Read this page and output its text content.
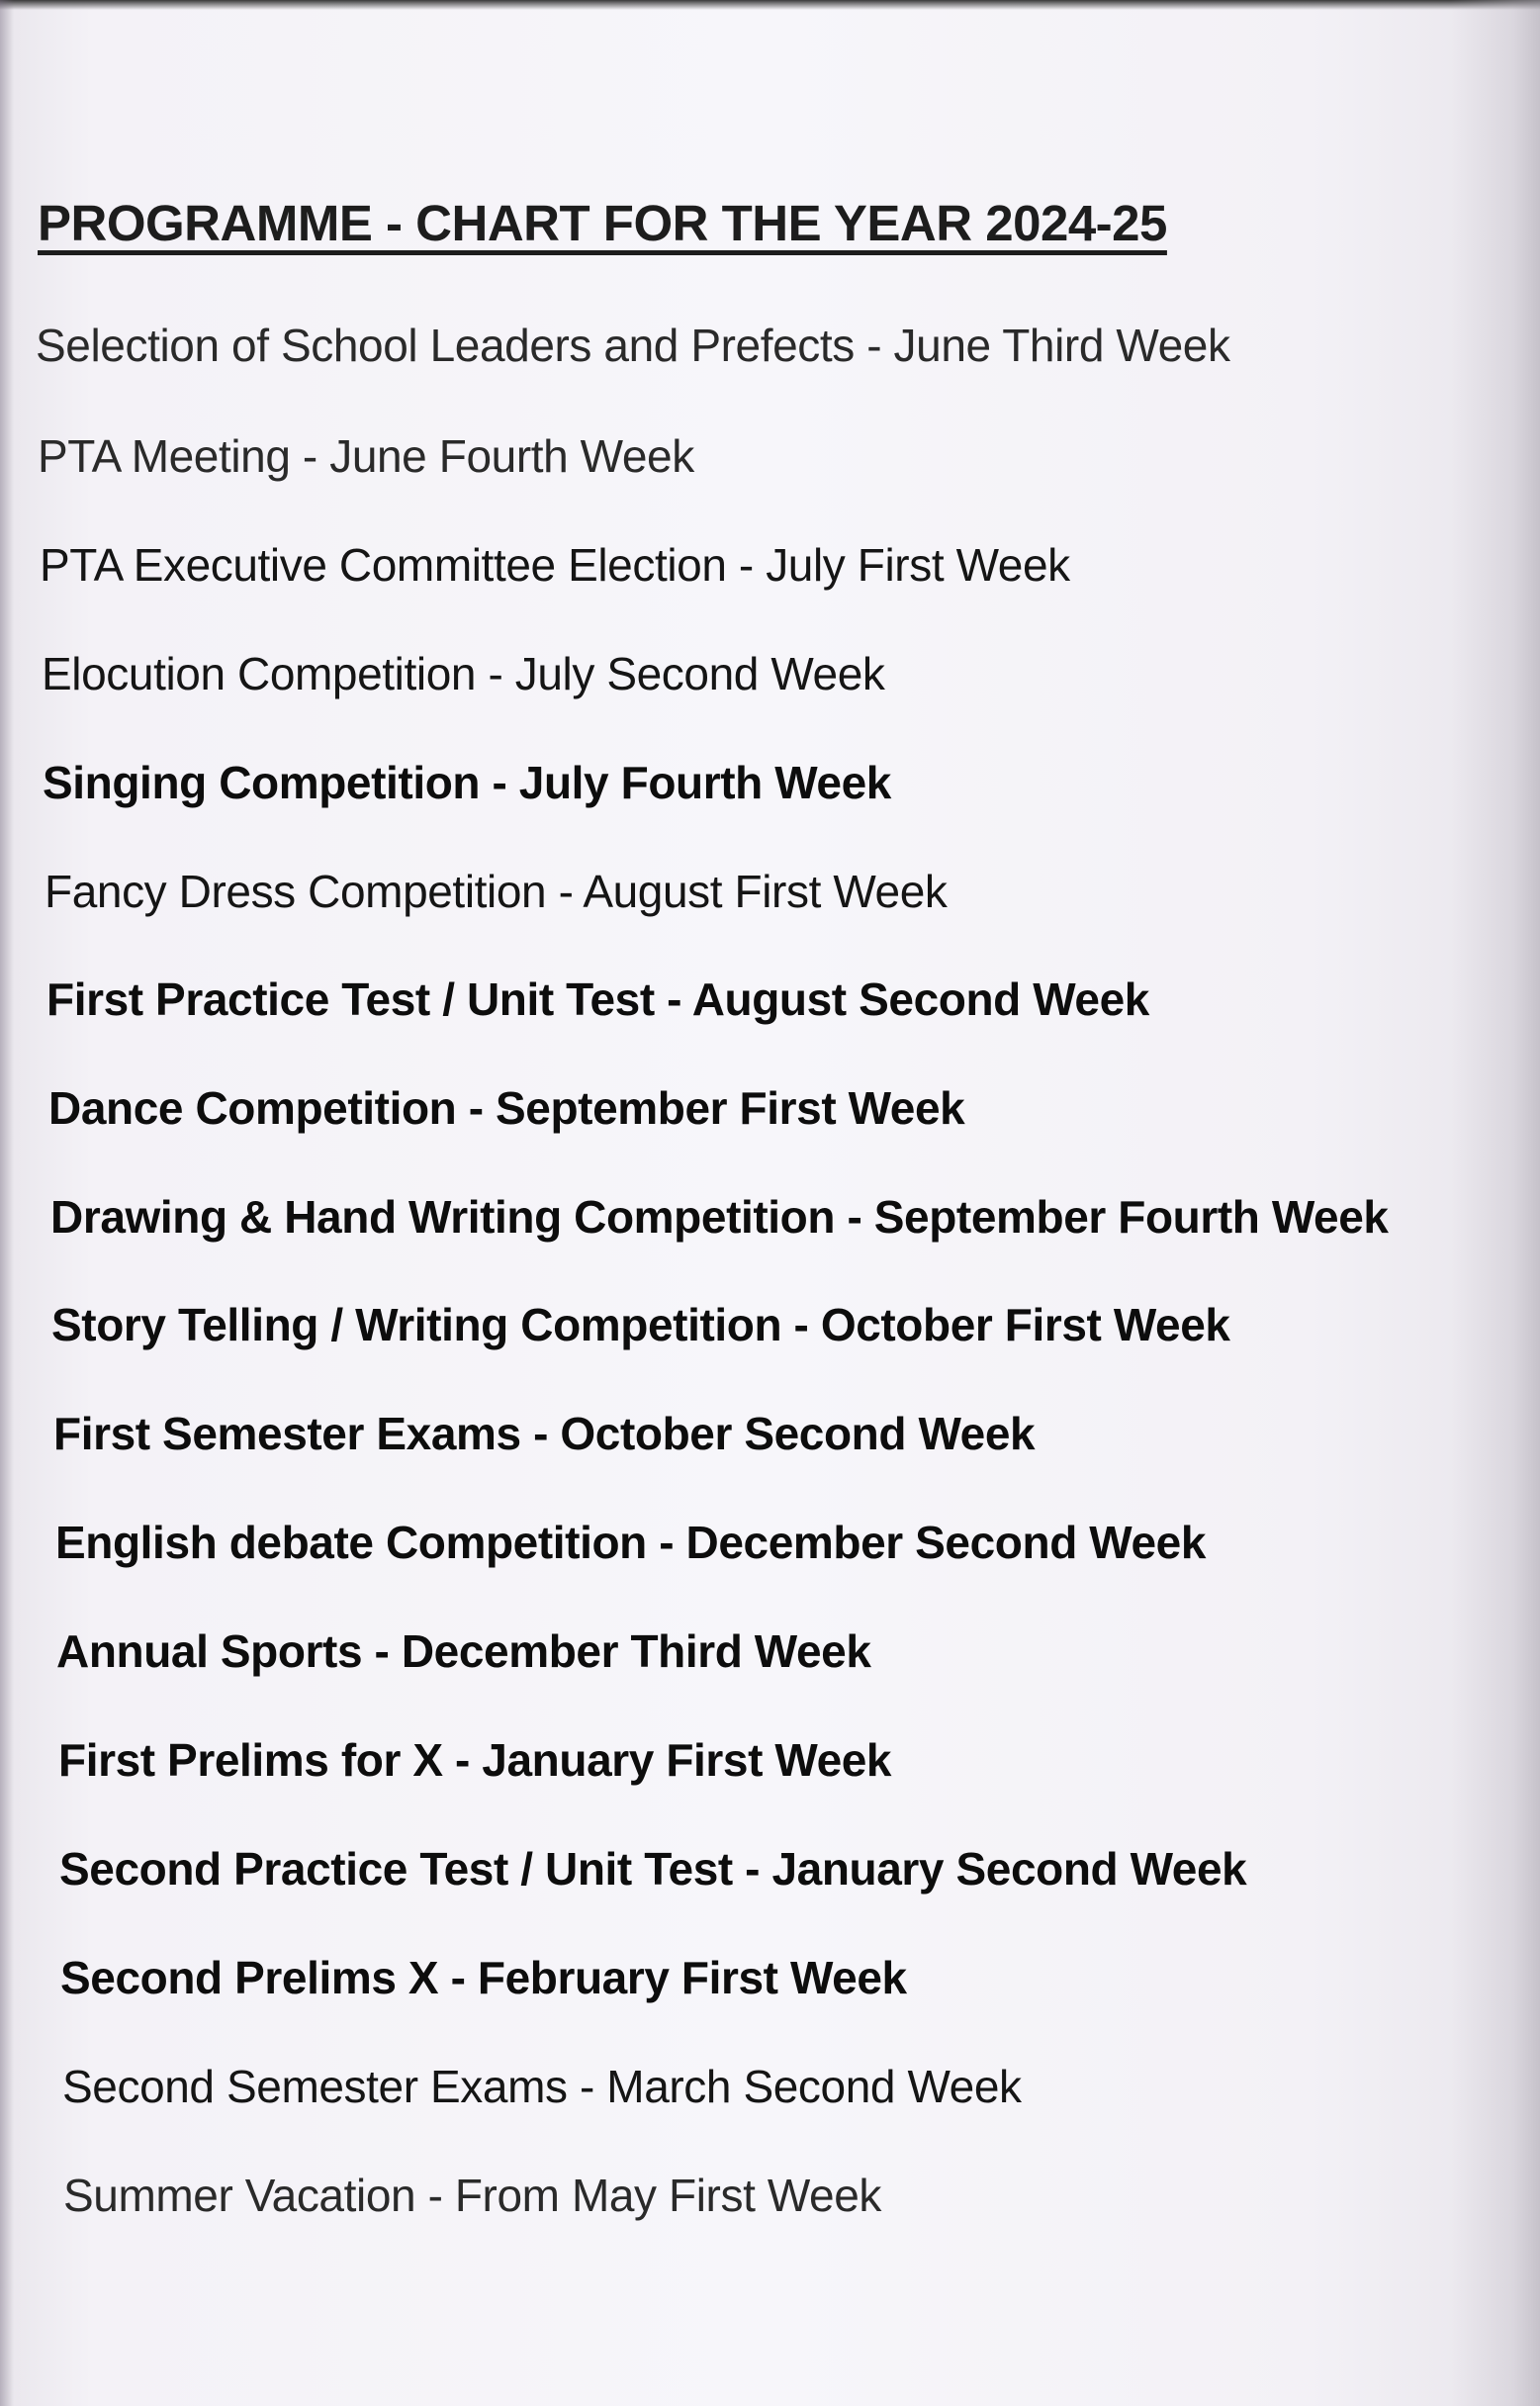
PROGRAMME - CHART FOR THE YEAR 2024-25
Selection of School Leaders and Prefects - June Third Week
PTA Meeting - June Fourth Week
PTA Executive Committee Election - July First Week
Elocution Competition - July Second Week
Singing Competition - July Fourth Week
Fancy Dress Competition - August First Week
First Practice Test / Unit Test - August Second Week
Dance Competition - September First Week
Drawing & Hand Writing Competition - September Fourth Week
Story Telling / Writing Competition - October First Week
First Semester Exams - October Second Week
English debate Competition - December Second Week
Annual Sports - December Third Week
First Prelims for X - January First Week
Second Practice Test / Unit Test - January Second Week
Second Prelims X - February First Week
Second Semester Exams - March Second Week
Summer Vacation - From May First Week
